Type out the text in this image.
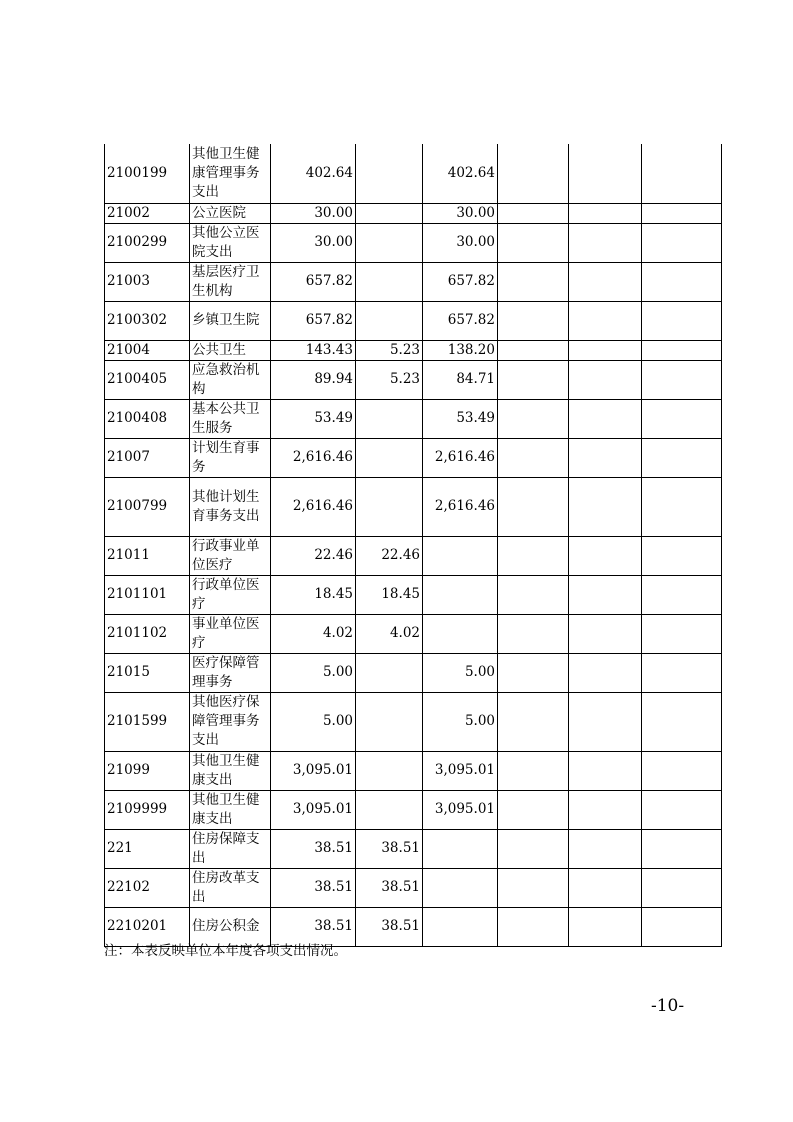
2100199	其他卫生健康管理事务支出	402.64		402.64			
21002	公立医院	30.00		30.00			
2100299	其他公立医院支出	30.00		30.00			
21003	基层医疗卫生机构	657.82		657.82			
2100302	乡镇卫生院	657.82		657.82			
21004	公共卫生	143.43	5.23	138.20			
2100405	应急救治机构	89.94	5.23	84.71			
2100408	基本公共卫生服务	53.49		53.49			
21007	计划生育事务	2,616.46		2,616.46			
2100799	其他计划生育事务支出	2,616.46		2,616.46			
21011	行政事业单位医疗	22.46	22.46				
2101101	行政单位医疗	18.45	18.45				
2101102	事业单位医疗	4.02	4.02				
21015	医疗保障管理事务	5.00		5.00			
2101599	其他医疗保障管理事务支出	5.00		5.00			
21099	其他卫生健康支出	3,095.01		3,095.01			
2109999	其他卫生健康支出	3,095.01		3,095.01			
221	住房保障支出	38.51	38.51				
22102	住房改革支出	38.51	38.51				
2210201	住房公积金	38.51	38.51				
注：本表反映单位本年度各项支出情况。
-10-
